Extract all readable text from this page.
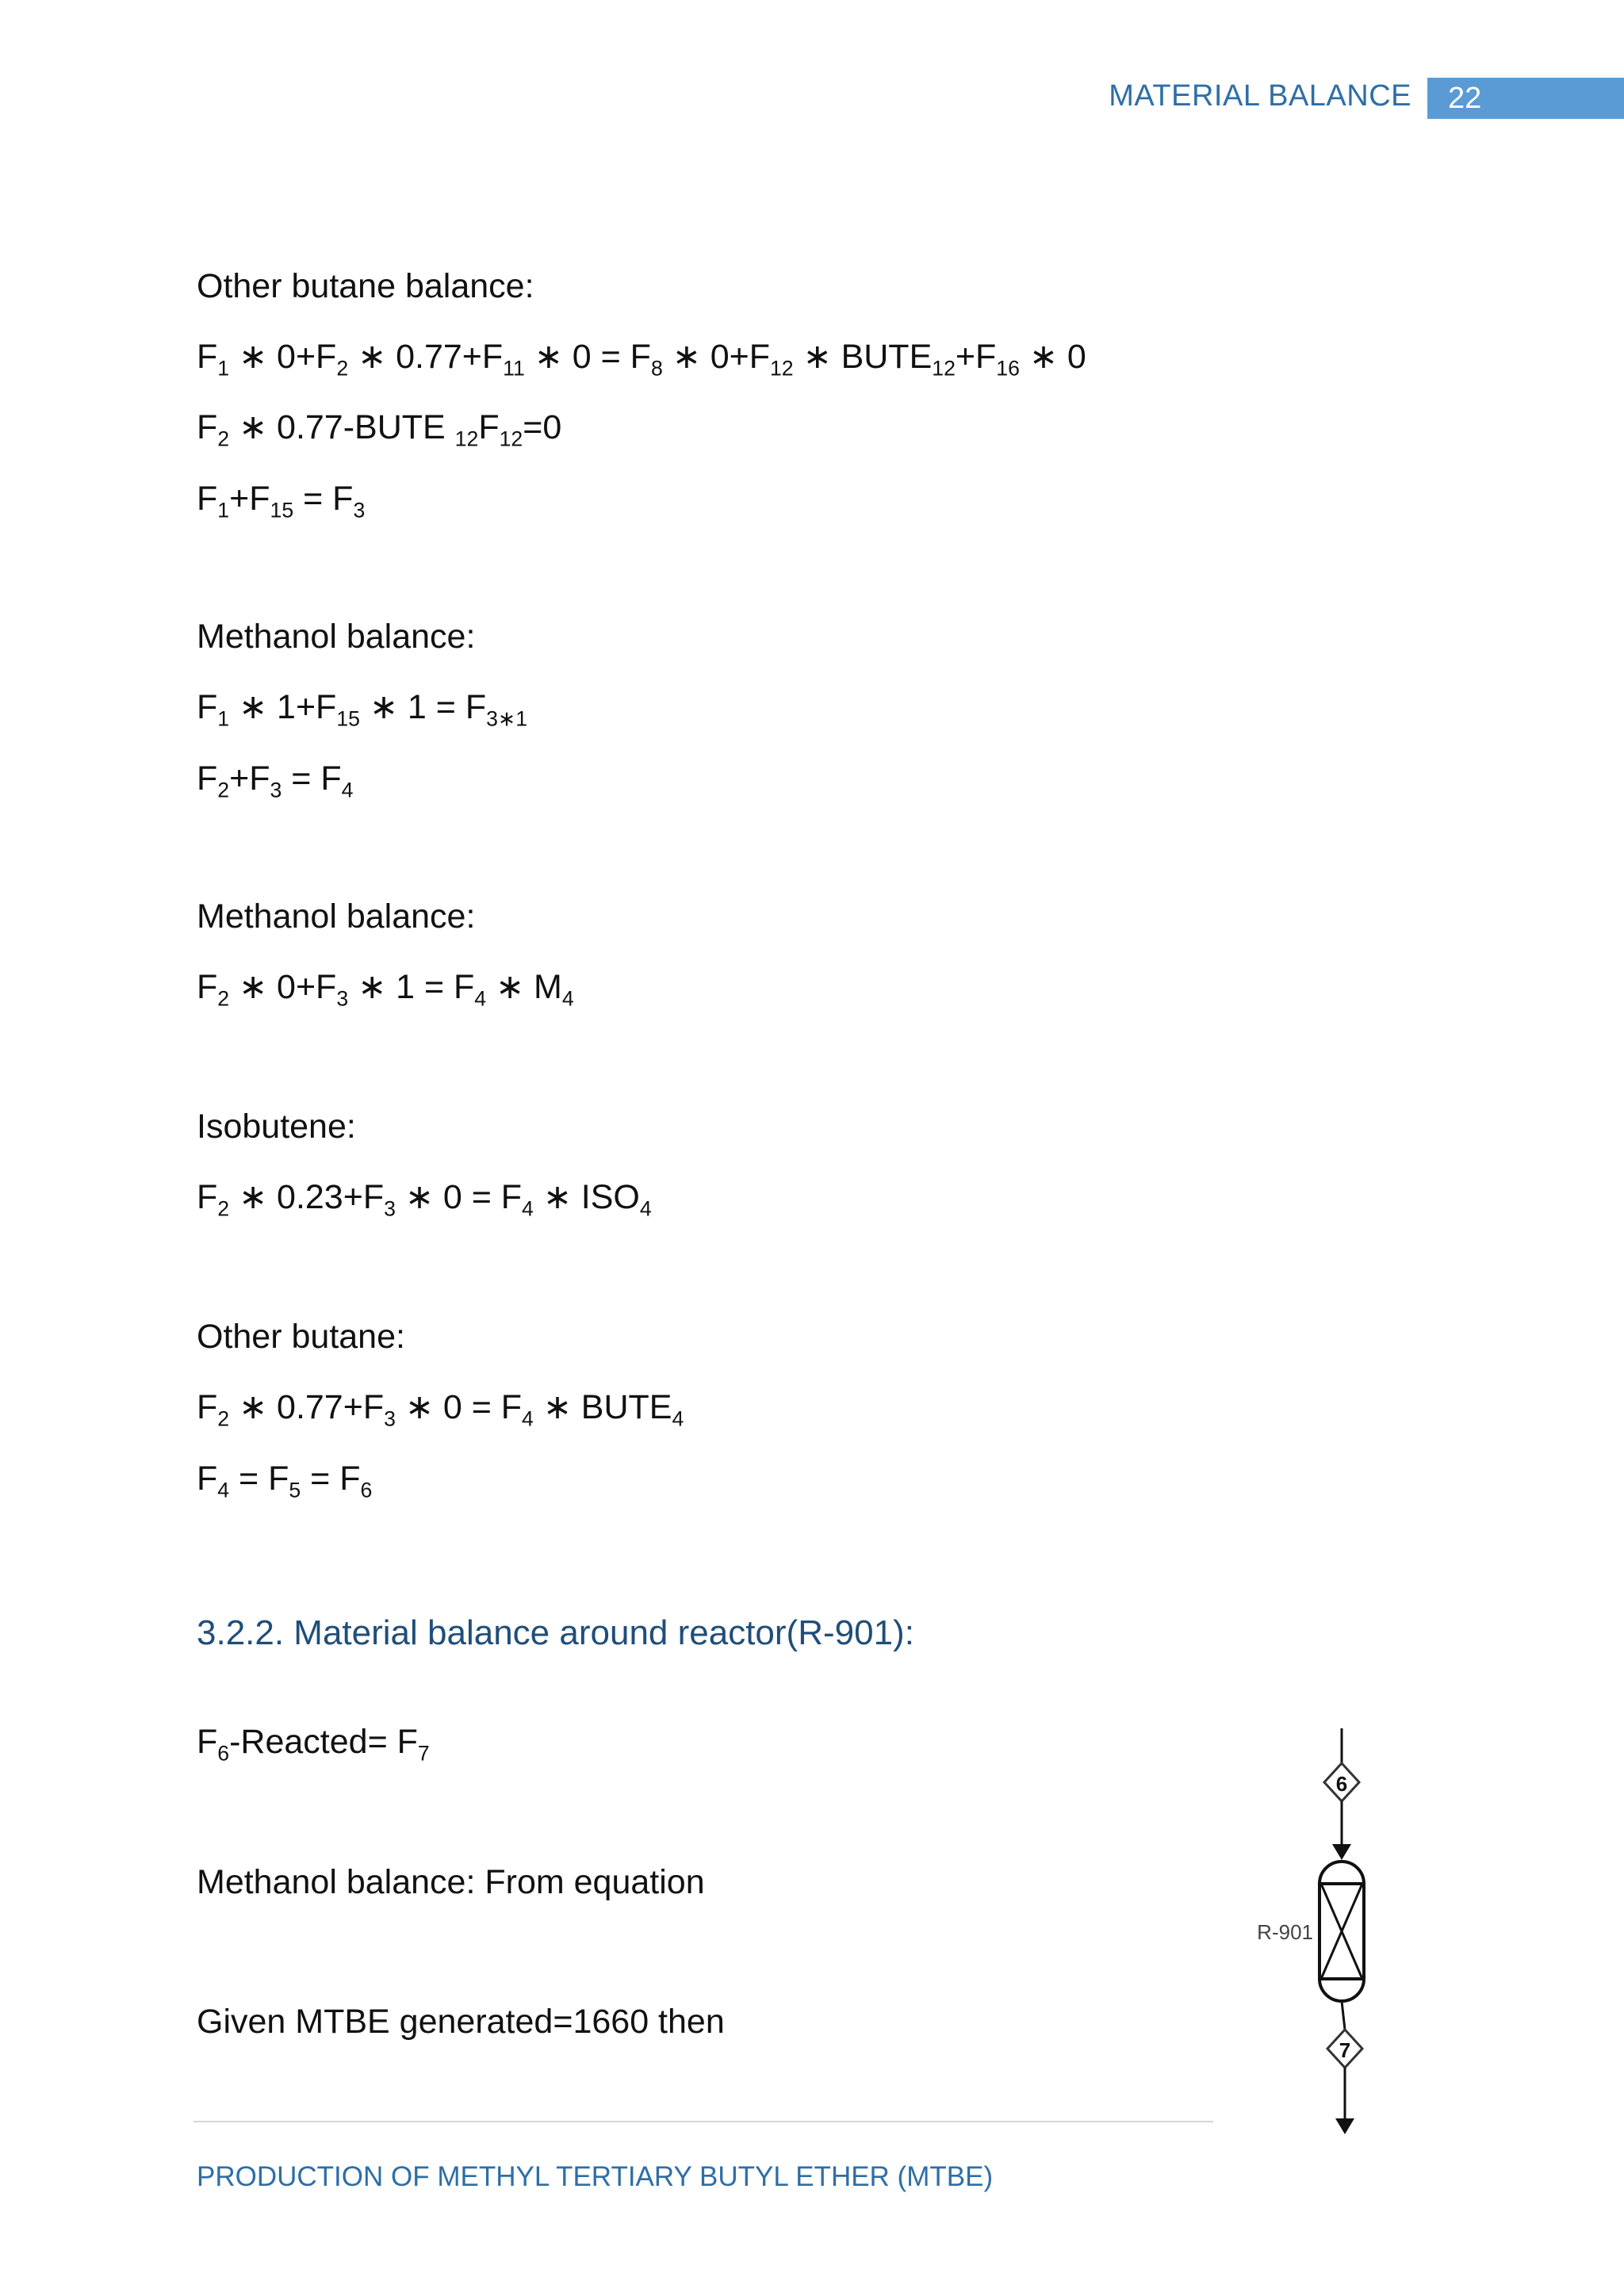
MATERIAL BALANCE	22
Other butane balance:
$F_1$ ∗ $0+F_2$ ∗ $0.77+F_{11}$ ∗ $0 = F_8$ ∗ $0+F_{12}$ ∗ $BUTE_{12}+F_{16}$ ∗ 0
$F_2$ ∗ 0.77-BUTE $_{12}F_{12}=0$
$F_1+F_{15} = F_3$
Methanol balance:
$F_1$ ∗ $1+F_{15}$ ∗ $1 = F_{3∗1}$
$F_2+F_3 = F_4$
Methanol balance:
$F_2$ ∗ $0+F_3$ ∗ $1 = F_4$ ∗ $M_4$
Isobutene:
$F_2$ ∗ $0.23+F_3$ ∗ $0 = F_4$ ∗ $ISO_4$
Other butane:
$F_2$ ∗ $0.77+F_3$ ∗ $0 = F_4$ ∗ $BUTE_4$
$F_4 = F_5 = F_6$
3.2.2. Material balance around reactor(R-901):
$F_6-Reacted= F_7$
Methanol balance: From equation
Given MTBE generated=1660 then
6
R-901
7
PRODUCTION OF METHYL TERTIARY BUTYL ETHER (MTBE)
